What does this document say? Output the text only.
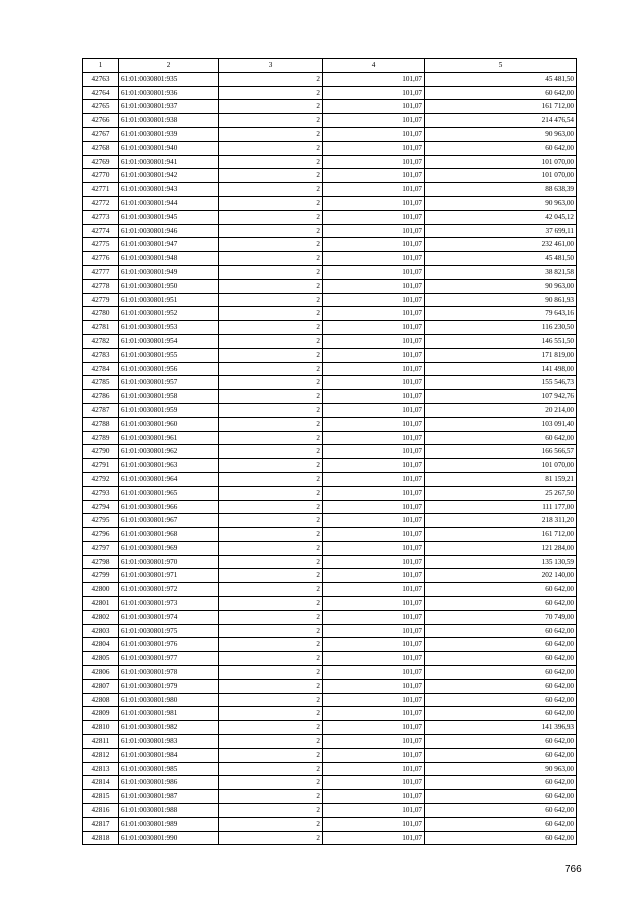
1	2	3	4	5
42763	61:01:0030801:935	2	101,07	45 481,50
42764	61:01:0030801:936	2	101,07	60 642,00
42765	61:01:0030801:937	2	101,07	161 712,00
42766	61:01:0030801:938	2	101,07	214 476,54
42767	61:01:0030801:939	2	101,07	90 963,00
42768	61:01:0030801:940	2	101,07	60 642,00
42769	61:01:0030801:941	2	101,07	101 070,00
42770	61:01:0030801:942	2	101,07	101 070,00
42771	61:01:0030801:943	2	101,07	88 638,39
42772	61:01:0030801:944	2	101,07	90 963,00
42773	61:01:0030801:945	2	101,07	42 045,12
42774	61:01:0030801:946	2	101,07	37 699,11
42775	61:01:0030801:947	2	101,07	232 461,00
42776	61:01:0030801:948	2	101,07	45 481,50
42777	61:01:0030801:949	2	101,07	38 821,58
42778	61:01:0030801:950	2	101,07	90 963,00
42779	61:01:0030801:951	2	101,07	90 861,93
42780	61:01:0030801:952	2	101,07	79 643,16
42781	61:01:0030801:953	2	101,07	116 230,50
42782	61:01:0030801:954	2	101,07	146 551,50
42783	61:01:0030801:955	2	101,07	171 819,00
42784	61:01:0030801:956	2	101,07	141 498,00
42785	61:01:0030801:957	2	101,07	155 546,73
42786	61:01:0030801:958	2	101,07	107 942,76
42787	61:01:0030801:959	2	101,07	20 214,00
42788	61:01:0030801:960	2	101,07	103 091,40
42789	61:01:0030801:961	2	101,07	60 642,00
42790	61:01:0030801:962	2	101,07	166 566,57
42791	61:01:0030801:963	2	101,07	101 070,00
42792	61:01:0030801:964	2	101,07	81 159,21
42793	61:01:0030801:965	2	101,07	25 267,50
42794	61:01:0030801:966	2	101,07	111 177,00
42795	61:01:0030801:967	2	101,07	218 311,20
42796	61:01:0030801:968	2	101,07	161 712,00
42797	61:01:0030801:969	2	101,07	121 284,00
42798	61:01:0030801:970	2	101,07	135 130,59
42799	61:01:0030801:971	2	101,07	202 140,00
42800	61:01:0030801:972	2	101,07	60 642,00
42801	61:01:0030801:973	2	101,07	60 642,00
42802	61:01:0030801:974	2	101,07	70 749,00
42803	61:01:0030801:975	2	101,07	60 642,00
42804	61:01:0030801:976	2	101,07	60 642,00
42805	61:01:0030801:977	2	101,07	60 642,00
42806	61:01:0030801:978	2	101,07	60 642,00
42807	61:01:0030801:979	2	101,07	60 642,00
42808	61:01:0030801:980	2	101,07	60 642,00
42809	61:01:0030801:981	2	101,07	60 642,00
42810	61:01:0030801:982	2	101,07	141 396,93
42811	61:01:0030801:983	2	101,07	60 642,00
42812	61:01:0030801:984	2	101,07	60 642,00
42813	61:01:0030801:985	2	101,07	90 963,00
42814	61:01:0030801:986	2	101,07	60 642,00
42815	61:01:0030801:987	2	101,07	60 642,00
42816	61:01:0030801:988	2	101,07	60 642,00
42817	61:01:0030801:989	2	101,07	60 642,00
42818	61:01:0030801:990	2	101,07	60 642,00
766
